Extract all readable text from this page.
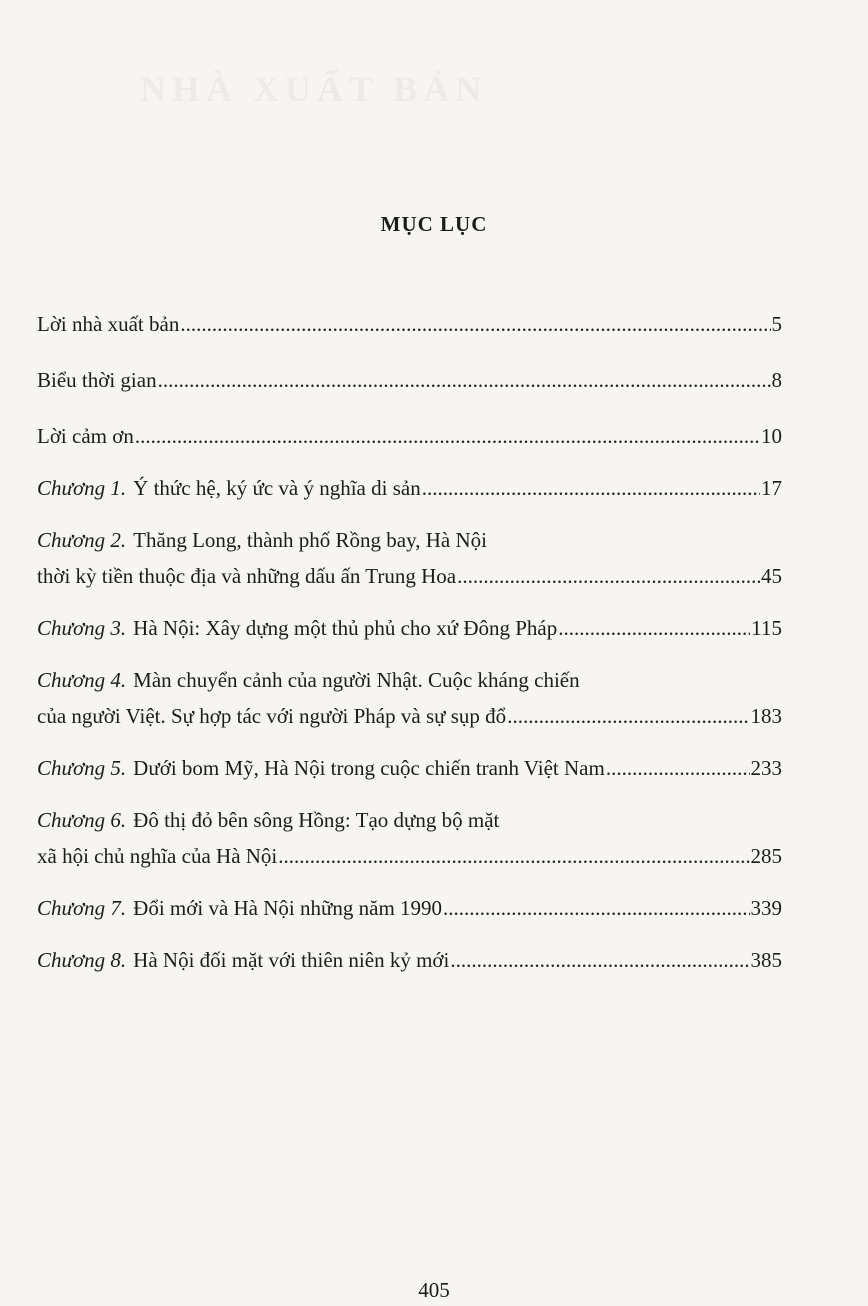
NHÀ XUẤT BẢN
MỤC LỤC
Lời nhà xuất bản .....	5
Biểu thời gian .....	8
Lời cảm ơn .....	10
Chương 1. Ý thức hệ, ký ức và ý nghĩa di sản .....	17
Chương 2. Thăng Long, thành phố Rồng bay, Hà Nội
thời kỳ tiền thuộc địa và những dấu ấn Trung Hoa .....	45
Chương 3. Hà Nội: Xây dựng một thủ phủ cho xứ Đông Pháp .....	115
Chương 4. Màn chuyển cảnh của người Nhật. Cuộc kháng chiến
của người Việt. Sự hợp tác với người Pháp và sự sụp đổ .....	183
Chương 5. Dưới bom Mỹ, Hà Nội trong cuộc chiến tranh Việt Nam .....	233
Chương 6. Đô thị đỏ bên sông Hồng: Tạo dựng bộ mặt
xã hội chủ nghĩa của Hà Nội .....	285
Chương 7. Đổi mới và Hà Nội những năm 1990 .....	339
Chương 8. Hà Nội đối mặt với thiên niên kỷ mới .....	385
405
